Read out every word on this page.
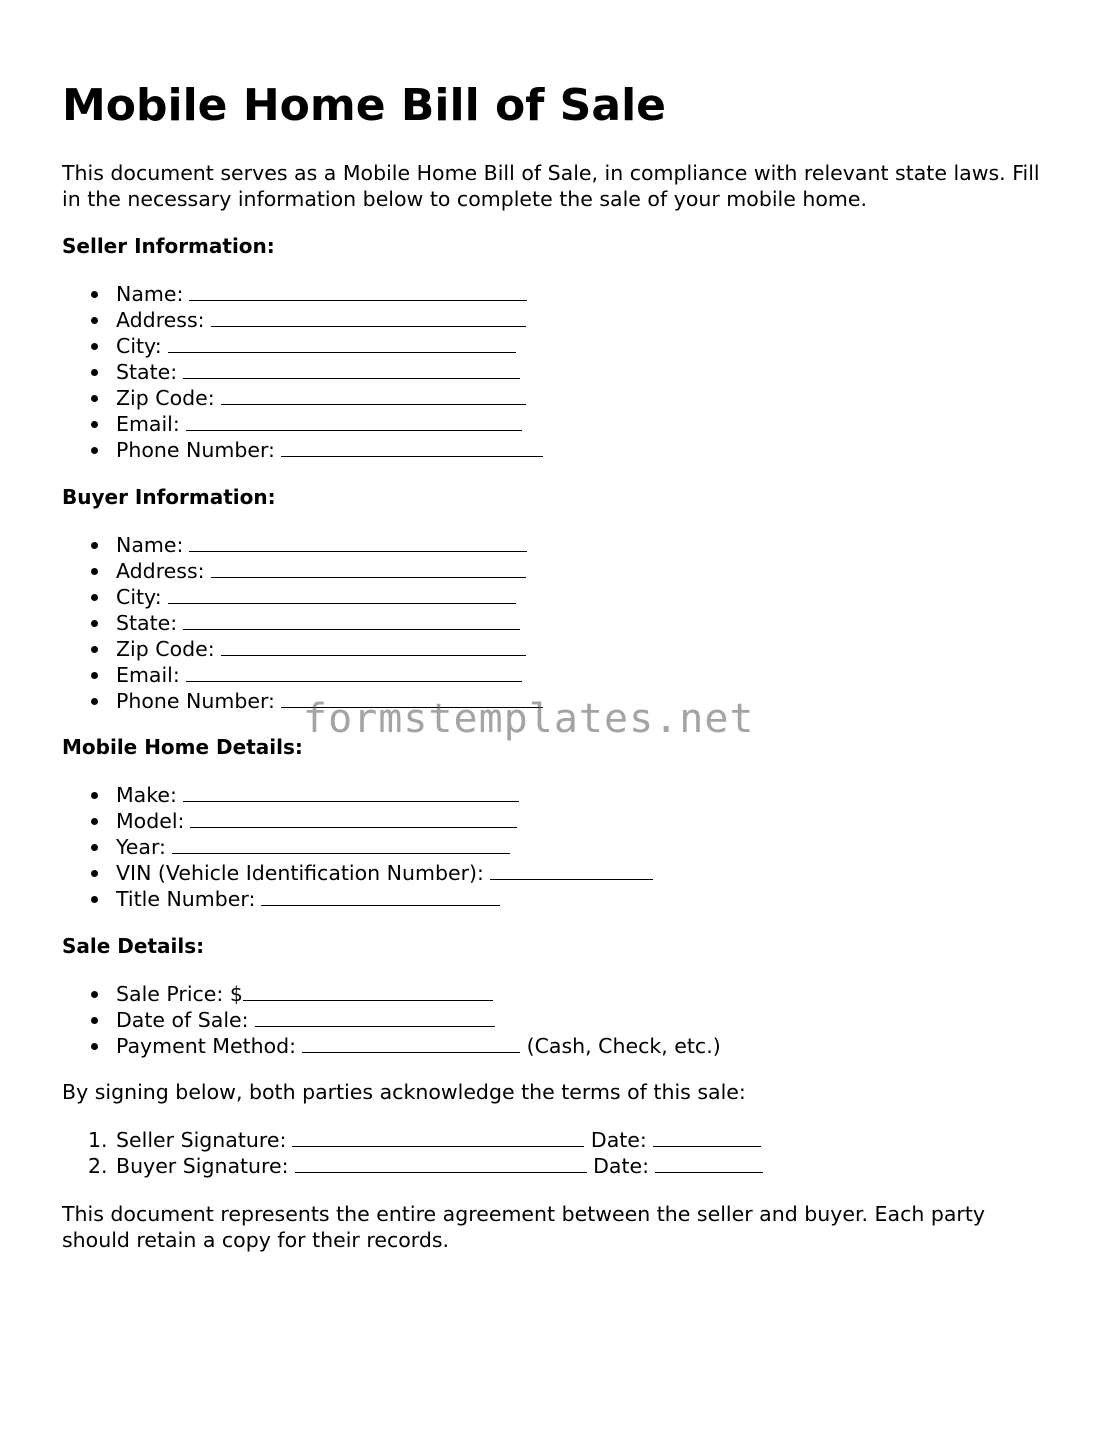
Mobile Home Bill of Sale

This document serves as a Mobile Home Bill of Sale, in compliance with relevant state laws. Fill in the necessary information below to complete the sale of your mobile home.

Seller Information:

Name:
Address:
City:
State:
Zip Code:
Email:
Phone Number:

Buyer Information:

Name:
Address:
City:
State:
Zip Code:
Email:
Phone Number:

Mobile Home Details:

Make:
Model:
Year:
VIN (Vehicle Identification Number):
Title Number:

Sale Details:

Sale Price: $
Date of Sale:
Payment Method:	(Cash, Check, etc.)

By signing below, both parties acknowledge the terms of this sale:

1. Seller Signature:	Date:
2. Buyer Signature:	Date:

This document represents the entire agreement between the seller and buyer. Each party should retain a copy for their records.

formstemplates.net
